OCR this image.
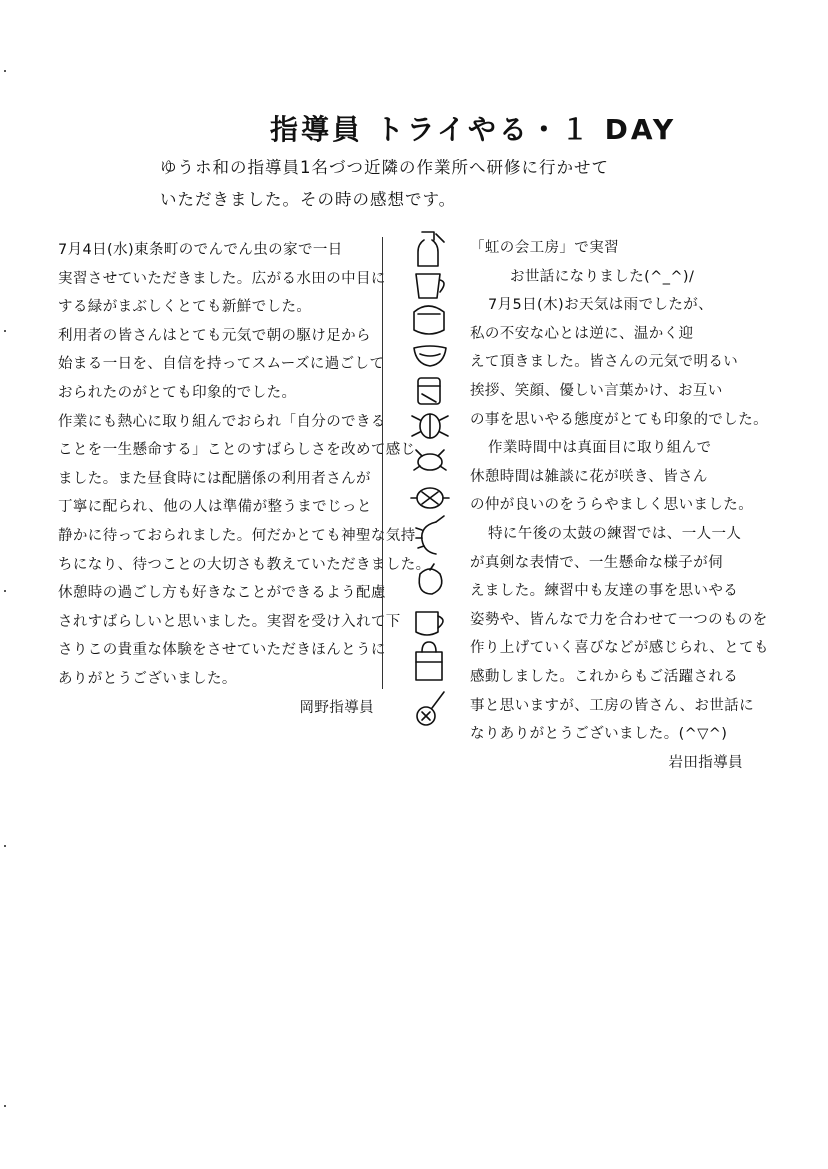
指導員 トライやる・１ DAY
ゆうホ和の指導員1名づつ近隣の作業所へ研修に行かせて
いただきました。その時の感想です。
7月4日(水)東条町のでんでん虫の家で一日
実習させていただきました。広がる水田の中目に
する緑がまぶしくとても新鮮でした。
利用者の皆さんはとても元気で朝の駆け足から
始まる一日を、自信を持ってスムーズに過ごして
おられたのがとても印象的でした。
作業にも熱心に取り組んでおられ「自分のできる
ことを一生懸命する」ことのすばらしさを改めて感じ
ました。また昼食時には配膳係の利用者さんが
丁寧に配られ、他の人は準備が整うまでじっと
静かに待っておられました。何だかとても神聖な気持
ちになり、待つことの大切さも教えていただきました。
休憩時の過ごし方も好きなことができるよう配慮
されすばらしいと思いました。実習を受け入れて下
さりこの貴重な体験をさせていただきほんとうに
ありがとうございました。
岡野指導員
「虹の会工房」で実習
お世話になりました(^_^)/
7月5日(木)お天気は雨でしたが、
私の不安な心とは逆に、温かく迎
えて頂きました。皆さんの元気で明るい
挨拶、笑顔、優しい言葉かけ、お互い
の事を思いやる態度がとても印象的でした。
作業時間中は真面目に取り組んで
休憩時間は雑談に花が咲き、皆さん
の仲が良いのをうらやましく思いました。
特に午後の太鼓の練習では、一人一人
が真剣な表情で、一生懸命な様子が伺
えました。練習中も友達の事を思いやる
姿勢や、皆んなで力を合わせて一つのものを
作り上げていく喜びなどが感じられ、とても
感動しました。これからもご活躍される
事と思いますが、工房の皆さん、お世話に
なりありがとうございました。(^▽^)
岩田指導員
